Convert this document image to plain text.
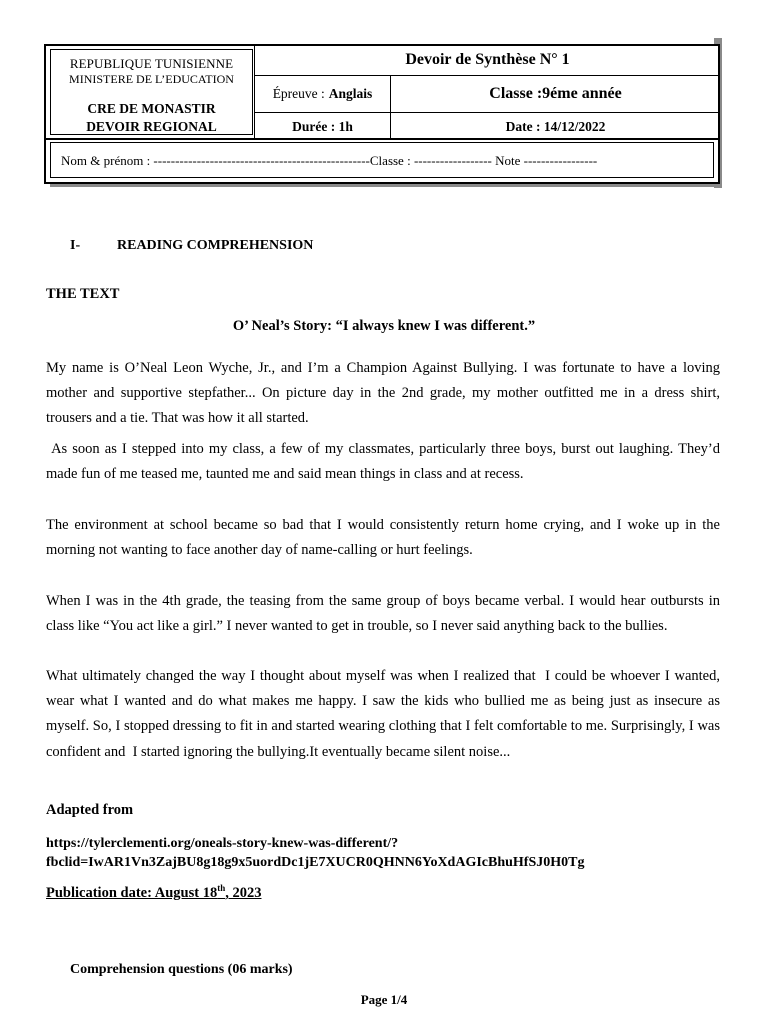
REPUBLIQUE TUNISIENNE
MINISTERE DE L’EDUCATION
CRE DE MONASTIR
DEVOIR REGIONAL
Devoir de Synthèse N° 1
Épreuve : Anglais	Classe :9éme année
Durée : 1h	Date : 14/12/2022
Nom & prénom : --------------------------------------------------Classe : ------------------ Note -----------------
I-	READING COMPREHENSION
THE TEXT
O’ Neal’s Story: “I always knew I was different.”
My name is O’Neal Leon Wyche, Jr., and I’m a Champion Against Bullying. I was fortunate to have a loving mother and supportive stepfather... On picture day in the 2nd grade, my mother outfitted me in a dress shirt, trousers and a tie. That was how it all started.
As soon as I stepped into my class, a few of my classmates, particularly three boys, burst out laughing. They’d made fun of me teased me, taunted me and said mean things in class and at recess.
The environment at school became so bad that I would consistently return home crying, and I woke up in the morning not wanting to face another day of name-calling or hurt feelings.
When I was in the 4th grade, the teasing from the same group of boys became verbal. I would hear outbursts in class like “You act like a girl.” I never wanted to get in trouble, so I never said anything back to the bullies.
What ultimately changed the way I thought about myself was when I realized that  I could be whoever I wanted, wear what I wanted and do what makes me happy. I saw the kids who bullied me as being just as insecure as myself. So, I stopped dressing to fit in and started wearing clothing that I felt comfortable to me. Surprisingly, I was confident and  I started ignoring the bullying.It eventually became silent noise...
Adapted from
https://tylerclementi.org/oneals-story-knew-was-different/?
fbclid=IwAR1Vn3ZajBU8g18g9x5uordDc1jE7XUCR0QHNN6YoXdAGIcBhuHfSJ0H0Tg
Publication date: August 18th, 2023
Comprehension questions (06 marks)
Page 1/4
